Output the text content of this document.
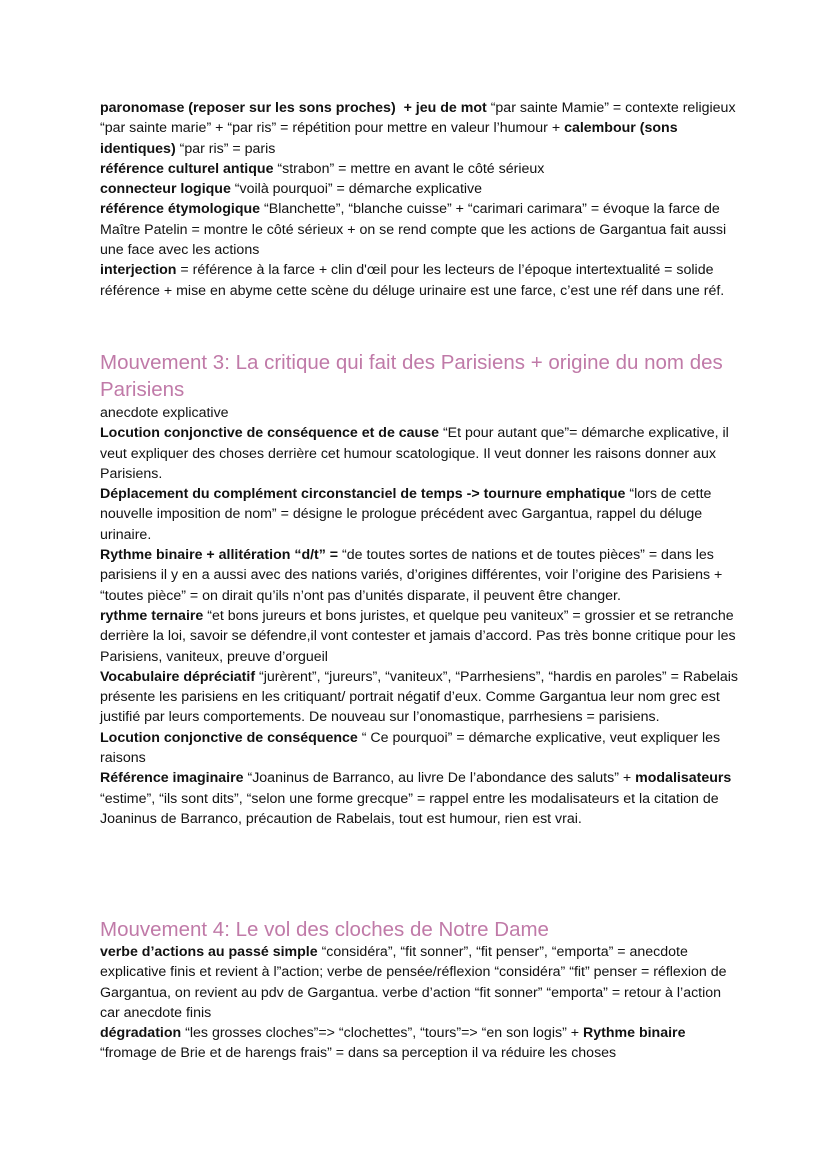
paronomase (reposer sur les sons proches) + jeu de mot “par sainte Mamie” = contexte religieux “par sainte marie” + “par ris” = répétition pour mettre en valeur l’humour + calembour (sons identiques) “par ris” = paris

référence culturel antique “strabon” = mettre en avant le côté sérieux

connecteur logique “voilà pourquoi” = démarche explicative

référence étymologique “Blanchette”, “blanche cuisse” + “carimari carimara” = évoque la farce de Maître Patelin = montre le côté sérieux + on se rend compte que les actions de Gargantua fait aussi une face avec les actions

interjection = référence à la farce + clin d'œil pour les lecteurs de l’époque intertextualité = solide référence + mise en abyme cette scène du déluge urinaire est une farce, c’est une réf dans une réf.

Mouvement 3: La critique qui fait des Parisiens + origine du nom des Parisiens

anecdote explicative

Locution conjonctive de conséquence et de cause “Et pour autant que”= démarche explicative, il veut expliquer des choses derrière cet humour scatologique. Il veut donner les raisons donner aux Parisiens.

Déplacement du complément circonstanciel de temps -> tournure emphatique “lors de cette nouvelle imposition de nom” = désigne le prologue précédent avec Gargantua, rappel du déluge urinaire.

Rythme binaire + allitération “d/t” = “de toutes sortes de nations et de toutes pièces” = dans les parisiens il y en a aussi avec des nations variés, d’origines différentes, voir l’origine des Parisiens + “toutes pièce” = on dirait qu’ils n’ont pas d’unités disparate, il peuvent être changer.

rythme ternaire “et bons jureurs et bons juristes, et quelque peu vaniteux” = grossier et se retranche derrière la loi, savoir se défendre,il vont contester et jamais d’accord. Pas très bonne critique pour les Parisiens, vaniteux, preuve d’orgueil

Vocabulaire dépréciatif “jurèrent”, “jureurs”, “vaniteux”, “Parrhesiens”, “hardis en paroles” = Rabelais présente les parisiens en les critiquant/ portrait négatif d’eux. Comme Gargantua leur nom grec est justifié par leurs comportements. De nouveau sur l’onomastique, parrhesiens = parisiens.

Locution conjonctive de conséquence “ Ce pourquoi” = démarche explicative, veut expliquer les raisons

Référence imaginaire “Joaninus de Barranco, au livre De l’abondance des saluts” + modalisateurs “estime”, “ils sont dits”, “selon une forme grecque” = rappel entre les modalisateurs et la citation de Joaninus de Barranco, précaution de Rabelais, tout est humour, rien est vrai.

Mouvement 4: Le vol des cloches de Notre Dame

verbe d’actions au passé simple “considéra”, “fit sonner”, “fit penser”, “emporta” = anecdote explicative finis et revient à l”action; verbe de pensée/réflexion “considéra” “fit” penser = réflexion de Gargantua, on revient au pdv de Gargantua. verbe d’action “fit sonner” “emporta” = retour à l’action car anecdote finis

dégradation “les grosses cloches”=> “clochettes”, “tours”=> “en son logis” + Rythme binaire “fromage de Brie et de harengs frais” = dans sa perception il va réduire les choses
